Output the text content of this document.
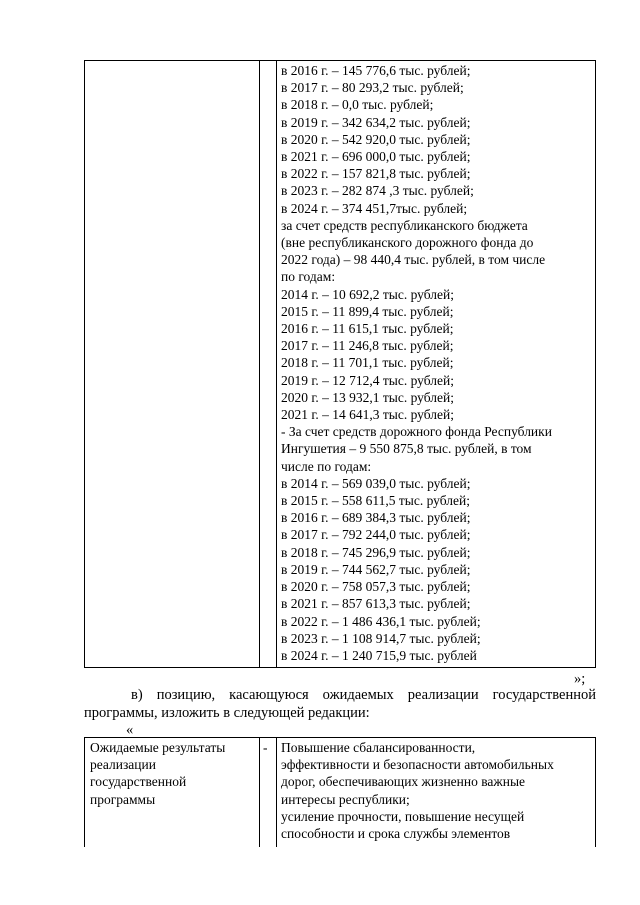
в 2016 г. – 145 776,6 тыс. рублей;
в 2017 г. – 80 293,2 тыс. рублей;
в 2018 г. – 0,0 тыс. рублей;
в 2019 г. – 342 634,2 тыс. рублей;
в 2020 г. – 542 920,0 тыс. рублей;
в 2021 г. – 696 000,0 тыс. рублей;
в 2022 г. – 157 821,8 тыс. рублей;
в 2023 г. – 282 874 ,3 тыс. рублей;
в 2024 г. – 374 451,7тыс. рублей;
за счет средств республиканского бюджета
(вне республиканского дорожного фонда до
2022 года) – 98 440,4 тыс. рублей, в том числе
по годам:
2014 г. – 10 692,2 тыс. рублей;
2015 г. – 11 899,4 тыс. рублей;
2016 г. – 11 615,1 тыс. рублей;
2017 г. – 11 246,8 тыс. рублей;
2018 г. – 11 701,1 тыс. рублей;
2019 г. – 12 712,4 тыс. рублей;
2020 г. – 13 932,1 тыс. рублей;
2021 г. – 14 641,3 тыс. рублей;
- За счет средств дорожного фонда Республики
Ингушетия – 9 550 875,8 тыс. рублей, в том
числе по годам:
в 2014 г. – 569 039,0 тыс. рублей;
в 2015 г. – 558 611,5 тыс. рублей;
в 2016 г. – 689 384,3 тыс. рублей;
в 2017 г. – 792 244,0 тыс. рублей;
в 2018 г. – 745 296,9 тыс. рублей;
в 2019 г. – 744 562,7 тыс. рублей;
в 2020 г. – 758 057,3 тыс. рублей;
в 2021 г. – 857 613,3 тыс. рублей;
в 2022 г. – 1 486 436,1 тыс. рублей;
в 2023 г. – 1 108 914,7 тыс. рублей;
в 2024 г. – 1 240 715,9 тыс. рублей
»;
в) позицию, касающуюся ожидаемых реализации государственной
программы, изложить в следующей редакции:
«
Ожидаемые результаты
реализации
государственной
программы
- Повышение сбалансированности,
эффективности и безопасности автомобильных
дорог, обеспечивающих жизненно важные
интересы республики;
усиление прочности, повышение несущей
способности и срока службы элементов
